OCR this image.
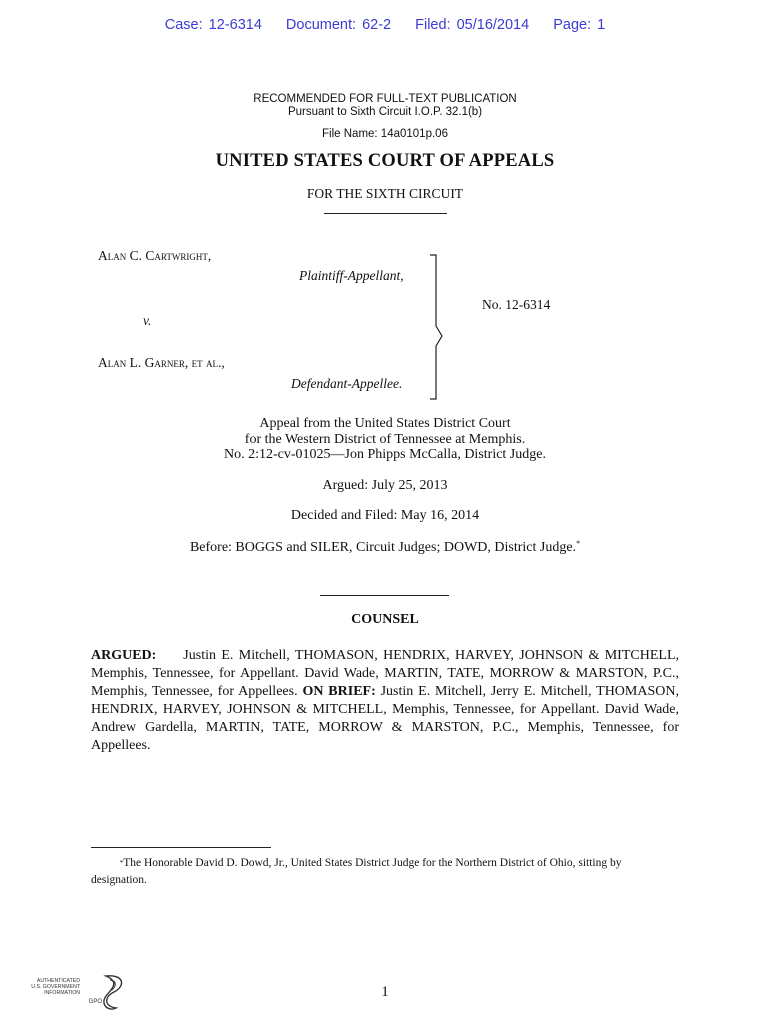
Case: 12-6314 Document: 62-2 Filed: 05/16/2014 Page: 1
RECOMMENDED FOR FULL-TEXT PUBLICATION
Pursuant to Sixth Circuit I.O.P. 32.1(b)
File Name: 14a0101p.06
UNITED STATES COURT OF APPEALS
FOR THE SIXTH CIRCUIT
Alan C. Cartwright,
Plaintiff-Appellant,
v.
Alan L. Garner, et al.,
Defendant-Appellee.
No. 12-6314
Appeal from the United States District Court
for the Western District of Tennessee at Memphis.
No. 2:12-cv-01025—Jon Phipps McCalla, District Judge.
Argued: July 25, 2013
Decided and Filed: May 16, 2014
Before: BOGGS and SILER, Circuit Judges; DOWD, District Judge.*
COUNSEL
ARGUED: Justin E. Mitchell, THOMASON, HENDRIX, HARVEY, JOHNSON & MITCHELL, Memphis, Tennessee, for Appellant. David Wade, MARTIN, TATE, MORROW & MARSTON, P.C., Memphis, Tennessee, for Appellees. ON BRIEF: Justin E. Mitchell, Jerry E. Mitchell, THOMASON, HENDRIX, HARVEY, JOHNSON & MITCHELL, Memphis, Tennessee, for Appellant. David Wade, Andrew Gardella, MARTIN, TATE, MORROW & MARSTON, P.C., Memphis, Tennessee, for Appellees.
*The Honorable David D. Dowd, Jr., United States District Judge for the Northern District of Ohio, sitting by designation.
AUTHENTICATED
U.S. GOVERNMENT
INFORMATION
GPO
1
